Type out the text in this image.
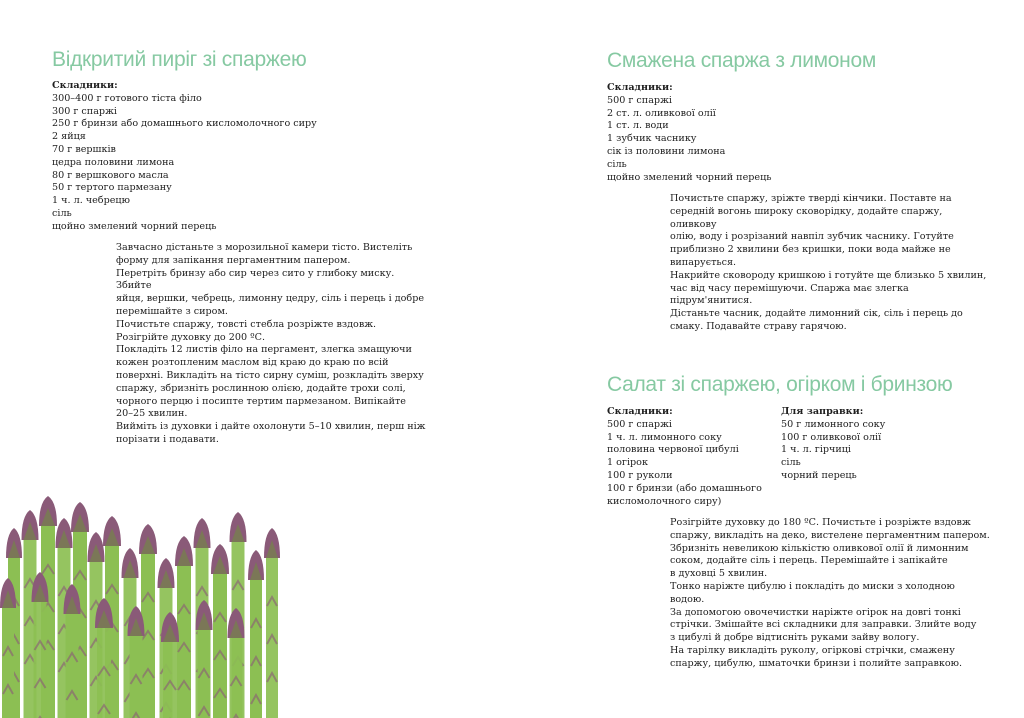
Відкритий пиріг зі спаржею
Складники:
300–400 г готового тіста філо
300 г спаржі
250 г бринзи або домашнього кисломолочного сиру
2 яйця
70 г вершків
цедра половини лимона
80 г вершкового масла
50 г тертого пармезану
1 ч. л. чебрецю
сіль
щойно змелений чорний перець
Завчасно дістаньте з морозильної камери тісто. Вистеліть
форму для запікання пергаментним папером.
Перетріть бринзу або сир через сито у глибоку миску. Збийте
яйця, вершки, чебрець, лимонну цедру, сіль і перець і добре
перемішайте з сиром.
Почистьте спаржу, товсті стебла розріжте вздовж.
Розігрійте духовку до 200 ºС.
Покладіть 12 листів філо на пергамент, злегка змащуючи
кожен розтопленим маслом від краю до краю по всій
поверхні. Викладіть на тісто сирну суміш, розкладіть зверху
спаржу, збризніть рослинною олією, додайте трохи солі,
чорного перцю і посипте тертим пармезаном. Випікайте
20–25 хвилин.
Вийміть із духовки і дайте охолонути 5–10 хвилин, перш ніж
порізати і подавати.
Смажена спаржа з лимоном
Складники:
500 г спаржі
2 ст. л. оливкової олії
1 ст. л. води
1 зубчик часнику
сік із половини лимона
сіль
щойно змелений чорний перець
Почистьте спаржу, зріжте тверді кінчики. Поставте на
середній вогонь широку сковорідку, додайте спаржу, оливкову
олію, воду і розрізаний навпіл зубчик часнику. Готуйте
приблизно 2 хвилини без кришки, поки вода майже не
випарується.
Накрийте сковороду кришкою і готуйте ще близько 5 хвилин,
час від часу перемішуючи. Спаржа має злегка підрум'янитися.
Дістаньте часник, додайте лимонний сік, сіль і перець до
смаку. Подавайте страву гарячою.
Салат зі спаржею, огірком і бринзою
Складники:
500 г спаржі
1 ч. л. лимонного соку
половина червоної цибулі
1 огірок
100 г руколи
100 г бринзи (або домашнього
кисломолочного сиру)
Для заправки:
50 г лимонного соку
100 г оливкової олії
1 ч. л. гірчиці
сіль
чорний перець
Розігрійте духовку до 180 ºС. Почистьте і розріжте вздовж
спаржу, викладіть на деко, вистелене пергаментним папером.
Збризніть невеликою кількістю оливкової олії й лимонним
соком, додайте сіль і перець. Перемішайте і запікайте
в духовці 5 хвилин.
Тонко наріжте цибулю і покладіть до миски з холодною
водою.
За допомогою овочечистки наріжте огірок на довгі тонкі
стрічки. Змішайте всі складники для заправки. Злийте воду
з цибулі й добре відтисніть руками зайву вологу.
На тарілку викладіть руколу, огіркові стрічки, смажену
спаржу, цибулю, шматочки бринзи і полийте заправкою.
